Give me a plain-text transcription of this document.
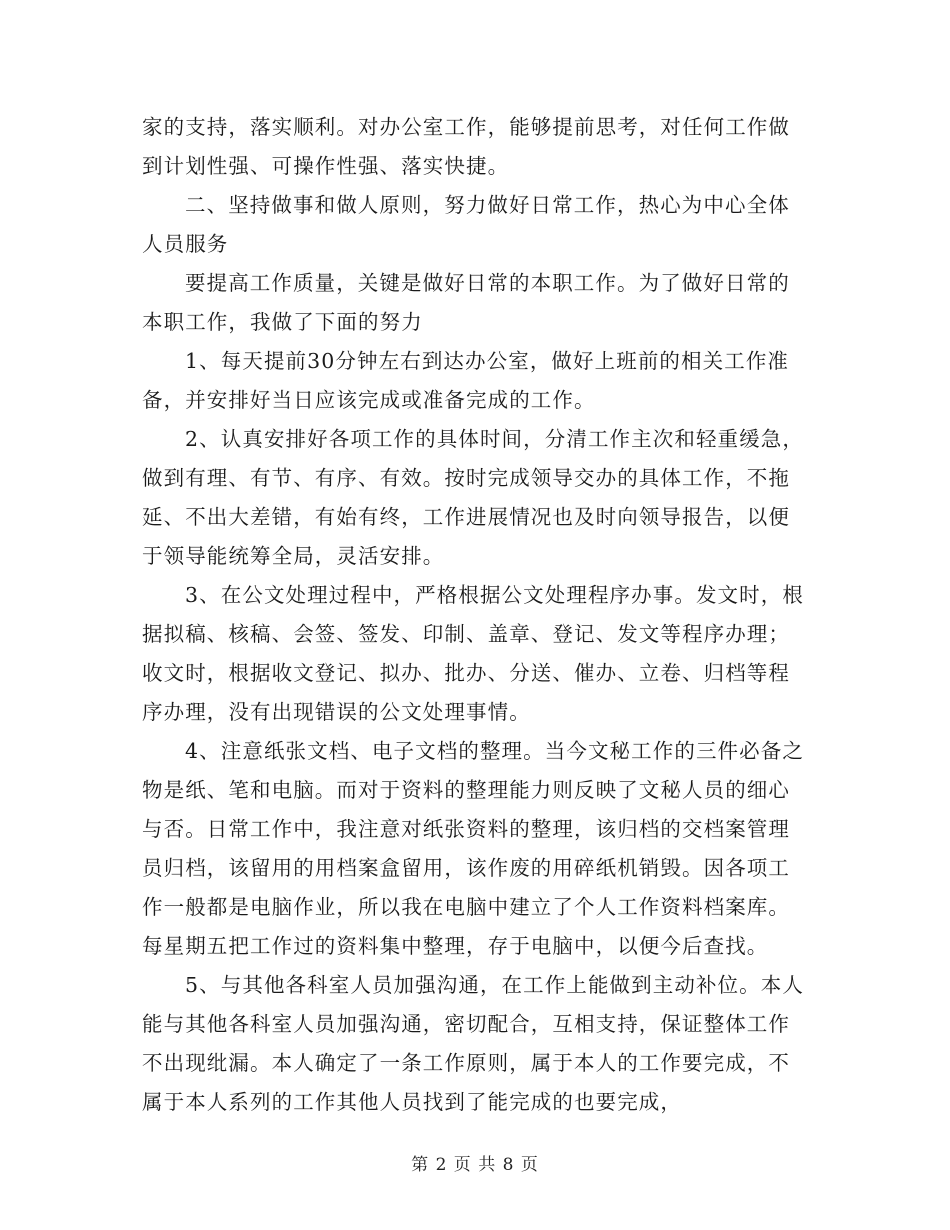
家的支持，落实顺利。对办公室工作，能够提前思考，对任何工作做
到计划性强、可操作性强、落实快捷。
二、坚持做事和做人原则，努力做好日常工作，热心为中心全体
人员服务
要提高工作质量，关键是做好日常的本职工作。为了做好日常的
本职工作，我做了下面的努力
1、每天提前30分钟左右到达办公室，做好上班前的相关工作准
备，并安排好当日应该完成或准备完成的工作。
2、认真安排好各项工作的具体时间，分清工作主次和轻重缓急，
做到有理、有节、有序、有效。按时完成领导交办的具体工作，不拖
延、不出大差错，有始有终，工作进展情况也及时向领导报告，以便
于领导能统筹全局，灵活安排。
3、在公文处理过程中，严格根据公文处理程序办事。发文时，根
据拟稿、核稿、会签、签发、印制、盖章、登记、发文等程序办理；
收文时，根据收文登记、拟办、批办、分送、催办、立卷、归档等程
序办理，没有出现错误的公文处理事情。
4、注意纸张文档、电子文档的整理。当今文秘工作的三件必备之
物是纸、笔和电脑。而对于资料的整理能力则反映了文秘人员的细心
与否。日常工作中，我注意对纸张资料的整理，该归档的交档案管理
员归档，该留用的用档案盒留用，该作废的用碎纸机销毁。因各项工
作一般都是电脑作业，所以我在电脑中建立了个人工作资料档案库。
每星期五把工作过的资料集中整理，存于电脑中，以便今后查找。
5、与其他各科室人员加强沟通，在工作上能做到主动补位。本人
能与其他各科室人员加强沟通，密切配合，互相支持，保证整体工作
不出现纰漏。本人确定了一条工作原则，属于本人的工作要完成，不
属于本人系列的工作其他人员找到了能完成的也要完成，
第 2 页 共 8 页
